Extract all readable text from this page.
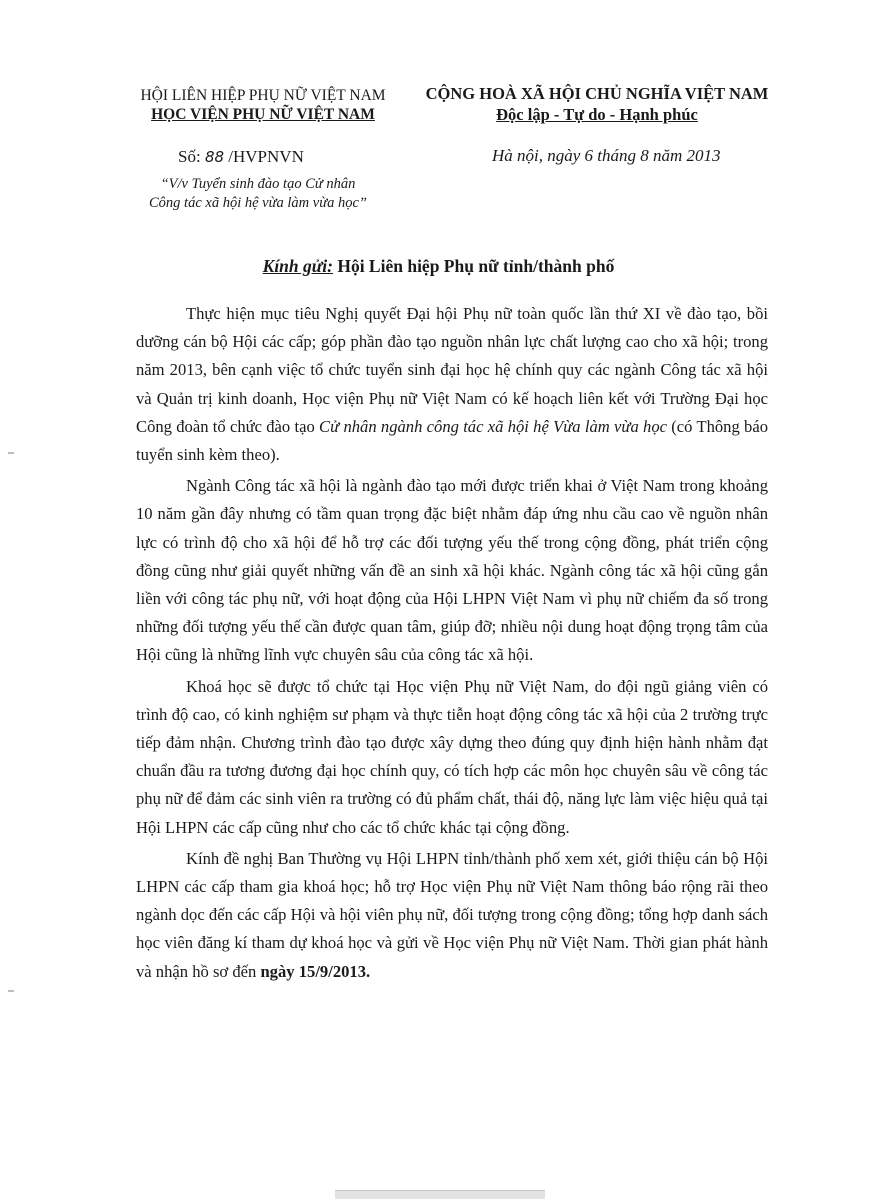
HỘI LIÊN HIỆP PHỤ NỮ VIỆT NAM
HỌC VIỆN PHỤ NỮ VIỆT NAM
CỘNG HOÀ XÃ HỘI CHỦ NGHĨA VIỆT NAM
Độc lập - Tự do - Hạnh phúc
Số: 88 /HVPNVN
“V/v Tuyển sinh đào tạo Cử nhân
Công tác xã hội hệ vừa làm vừa học”
Hà nội, ngày 6 tháng 8 năm 2013
Kính gửi: Hội Liên hiệp Phụ nữ tỉnh/thành phố

Thực hiện mục tiêu Nghị quyết Đại hội Phụ nữ toàn quốc lần thứ XI về đào tạo, bồi dưỡng cán bộ Hội các cấp; góp phần đào tạo nguồn nhân lực chất lượng cao cho xã hội; trong năm 2013, bên cạnh việc tổ chức tuyển sinh đại học hệ chính quy các ngành Công tác xã hội và Quản trị kinh doanh, Học viện Phụ nữ Việt Nam có kế hoạch liên kết với Trường Đại học Công đoàn tổ chức đào tạo Cử nhân ngành công tác xã hội hệ Vừa làm vừa học (có Thông báo tuyển sinh kèm theo).

Ngành Công tác xã hội là ngành đào tạo mới được triển khai ở Việt Nam trong khoảng 10 năm gần đây nhưng có tầm quan trọng đặc biệt nhằm đáp ứng nhu cầu cao về nguồn nhân lực có trình độ cho xã hội để hỗ trợ các đối tượng yếu thế trong cộng đồng, phát triển cộng đồng cũng như giải quyết những vấn đề an sinh xã hội khác. Ngành công tác xã hội cũng gắn liền với công tác phụ nữ, với hoạt động của Hội LHPN Việt Nam vì phụ nữ chiếm đa số trong những đối tượng yếu thế cần được quan tâm, giúp đỡ; nhiều nội dung hoạt động trọng tâm của Hội cũng là những lĩnh vực chuyên sâu của công tác xã hội.

Khoá học sẽ được tổ chức tại Học viện Phụ nữ Việt Nam, do đội ngũ giảng viên có trình độ cao, có kinh nghiệm sư phạm và thực tiễn hoạt động công tác xã hội của 2 trường trực tiếp đảm nhận. Chương trình đào tạo được xây dựng theo đúng quy định hiện hành nhằm đạt chuẩn đầu ra tương đương đại học chính quy, có tích hợp các môn học chuyên sâu về công tác phụ nữ để đảm các sinh viên ra trường có đủ phẩm chất, thái độ, năng lực làm việc hiệu quả tại Hội LHPN các cấp cũng như cho các tổ chức khác tại cộng đồng.

Kính đề nghị Ban Thường vụ Hội LHPN tỉnh/thành phố xem xét, giới thiệu cán bộ Hội LHPN các cấp tham gia khoá học; hỗ trợ Học viện Phụ nữ Việt Nam thông báo rộng rãi theo ngành dọc đến các cấp Hội và hội viên phụ nữ, đối tượng trong cộng đồng; tổng hợp danh sách học viên đăng kí tham dự khoá học và gửi về Học viện Phụ nữ Việt Nam. Thời gian phát hành và nhận hồ sơ đến ngày 15/9/2013.
